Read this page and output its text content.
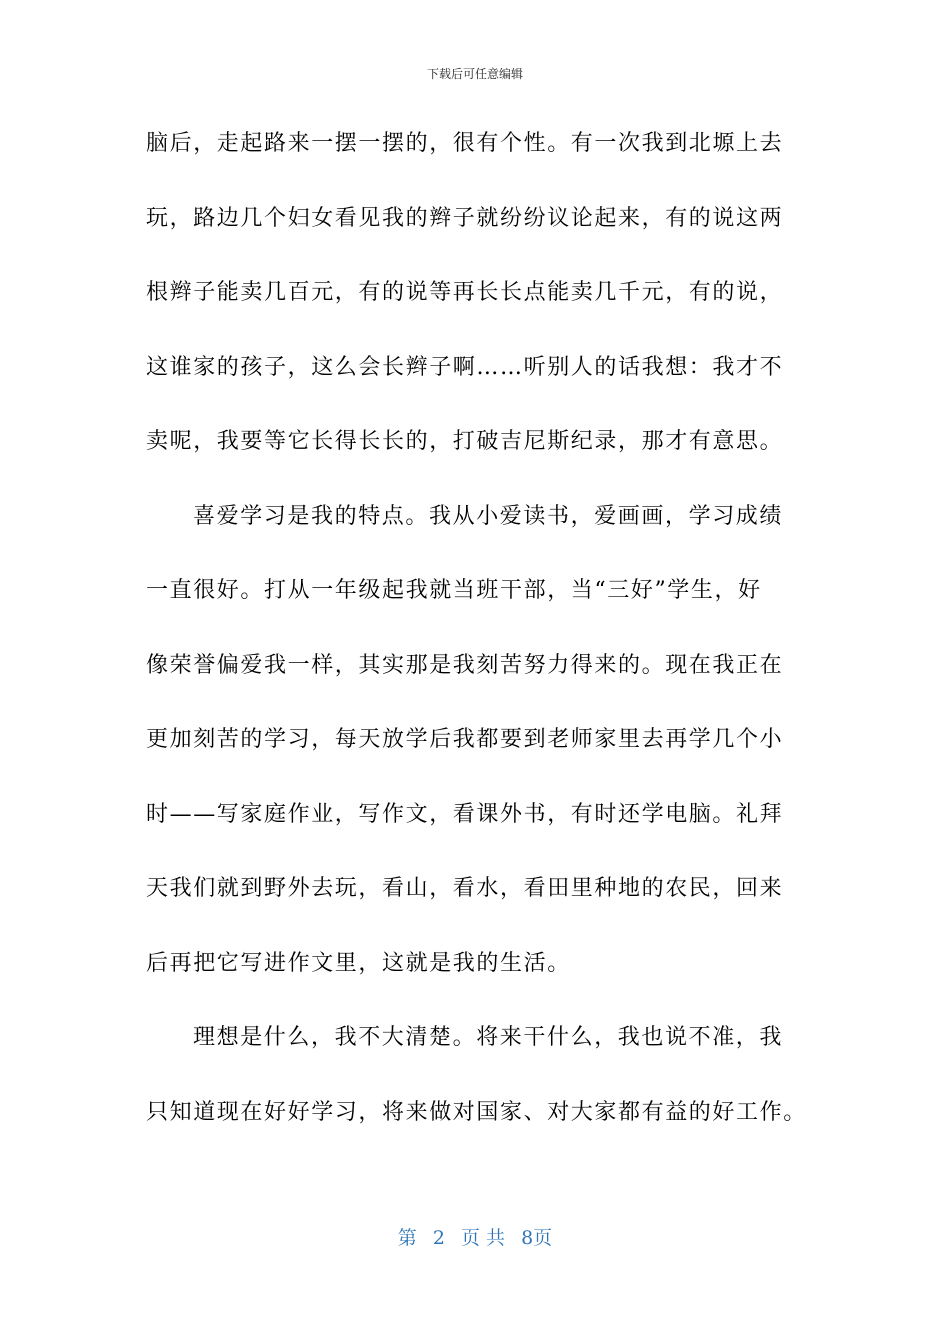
下载后可任意编辑
脑后，走起路来一摆一摆的，很有个性。有一次我到北塬上去
玩，路边几个妇女看见我的辫子就纷纷议论起来，有的说这两
根辫子能卖几百元，有的说等再长长点能卖几千元，有的说，
这谁家的孩子，这么会长辫子啊……听别人的话我想：我才不
卖呢，我要等它长得长长的，打破吉尼斯纪录，那才有意思。
喜爱学习是我的特点。我从小爱读书，爱画画，学习成绩
一直很好。打从一年级起我就当班干部，当“三好”学生，好
像荣誉偏爱我一样，其实那是我刻苦努力得来的。现在我正在
更加刻苦的学习，每天放学后我都要到老师家里去再学几个小
时——写家庭作业，写作文，看课外书，有时还学电脑。礼拜
天我们就到野外去玩，看山，看水，看田里种地的农民，回来
后再把它写进作文里，这就是我的生活。
理想是什么，我不大清楚。将来干什么，我也说不准，我
只知道现在好好学习，将来做对国家、对大家都有益的好工作。
第 2 页 共 8页
